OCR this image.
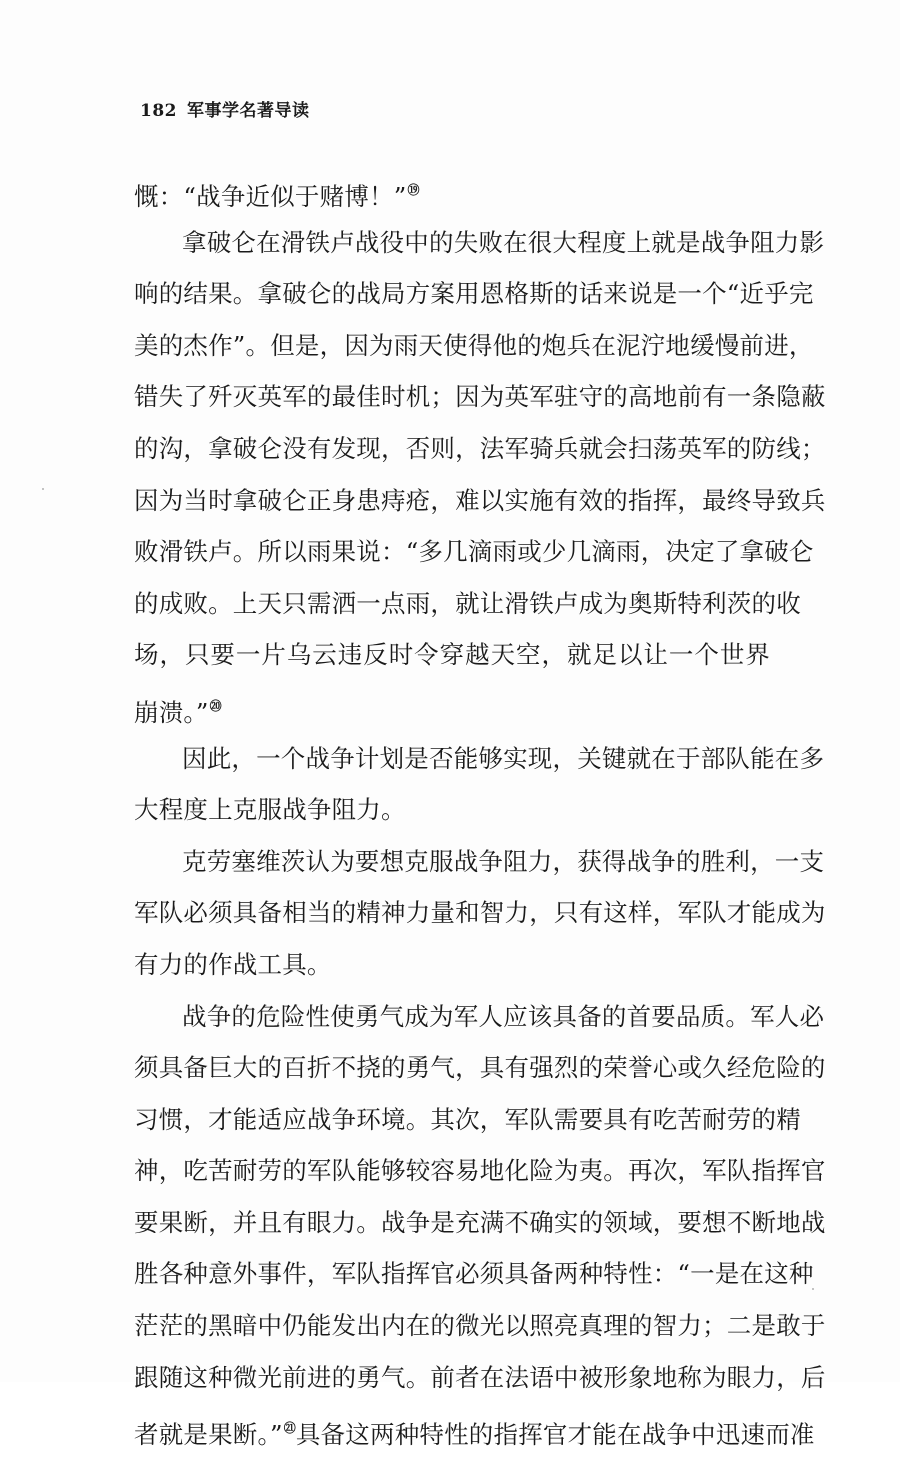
182 军事学名著导读
慨：“战争近似于赌博！”⑲
拿破仑在滑铁卢战役中的失败在很大程度上就是战争阻力影
响的结果。拿破仑的战局方案用恩格斯的话来说是一个“近乎完
美的杰作”。但是，因为雨天使得他的炮兵在泥泞地缓慢前进，
错失了歼灭英军的最佳时机；因为英军驻守的高地前有一条隐蔽
的沟，拿破仑没有发现，否则，法军骑兵就会扫荡英军的防线；
因为当时拿破仑正身患痔疮，难以实施有效的指挥，最终导致兵
败滑铁卢。所以雨果说：“多几滴雨或少几滴雨，决定了拿破仑
的成败。上天只需洒一点雨，就让滑铁卢成为奥斯特利茨的收
场，只要一片乌云违反时令穿越天空，就足以让一个世界
崩溃。”⑳
因此，一个战争计划是否能够实现，关键就在于部队能在多
大程度上克服战争阻力。
克劳塞维茨认为要想克服战争阻力，获得战争的胜利，一支
军队必须具备相当的精神力量和智力，只有这样，军队才能成为
有力的作战工具。
战争的危险性使勇气成为军人应该具备的首要品质。军人必
须具备巨大的百折不挠的勇气，具有强烈的荣誉心或久经危险的
习惯，才能适应战争环境。其次，军队需要具有吃苦耐劳的精
神，吃苦耐劳的军队能够较容易地化险为夷。再次，军队指挥官
要果断，并且有眼力。战争是充满不确实的领域，要想不断地战
胜各种意外事件，军队指挥官必须具备两种特性：“一是在这种
茫茫的黑暗中仍能发出内在的微光以照亮真理的智力；二是敢于
跟随这种微光前进的勇气。前者在法语中被形象地称为眼力，后
者就是果断。”$^㉑$具备这两种特性的指挥官才能在战争中迅速而准
